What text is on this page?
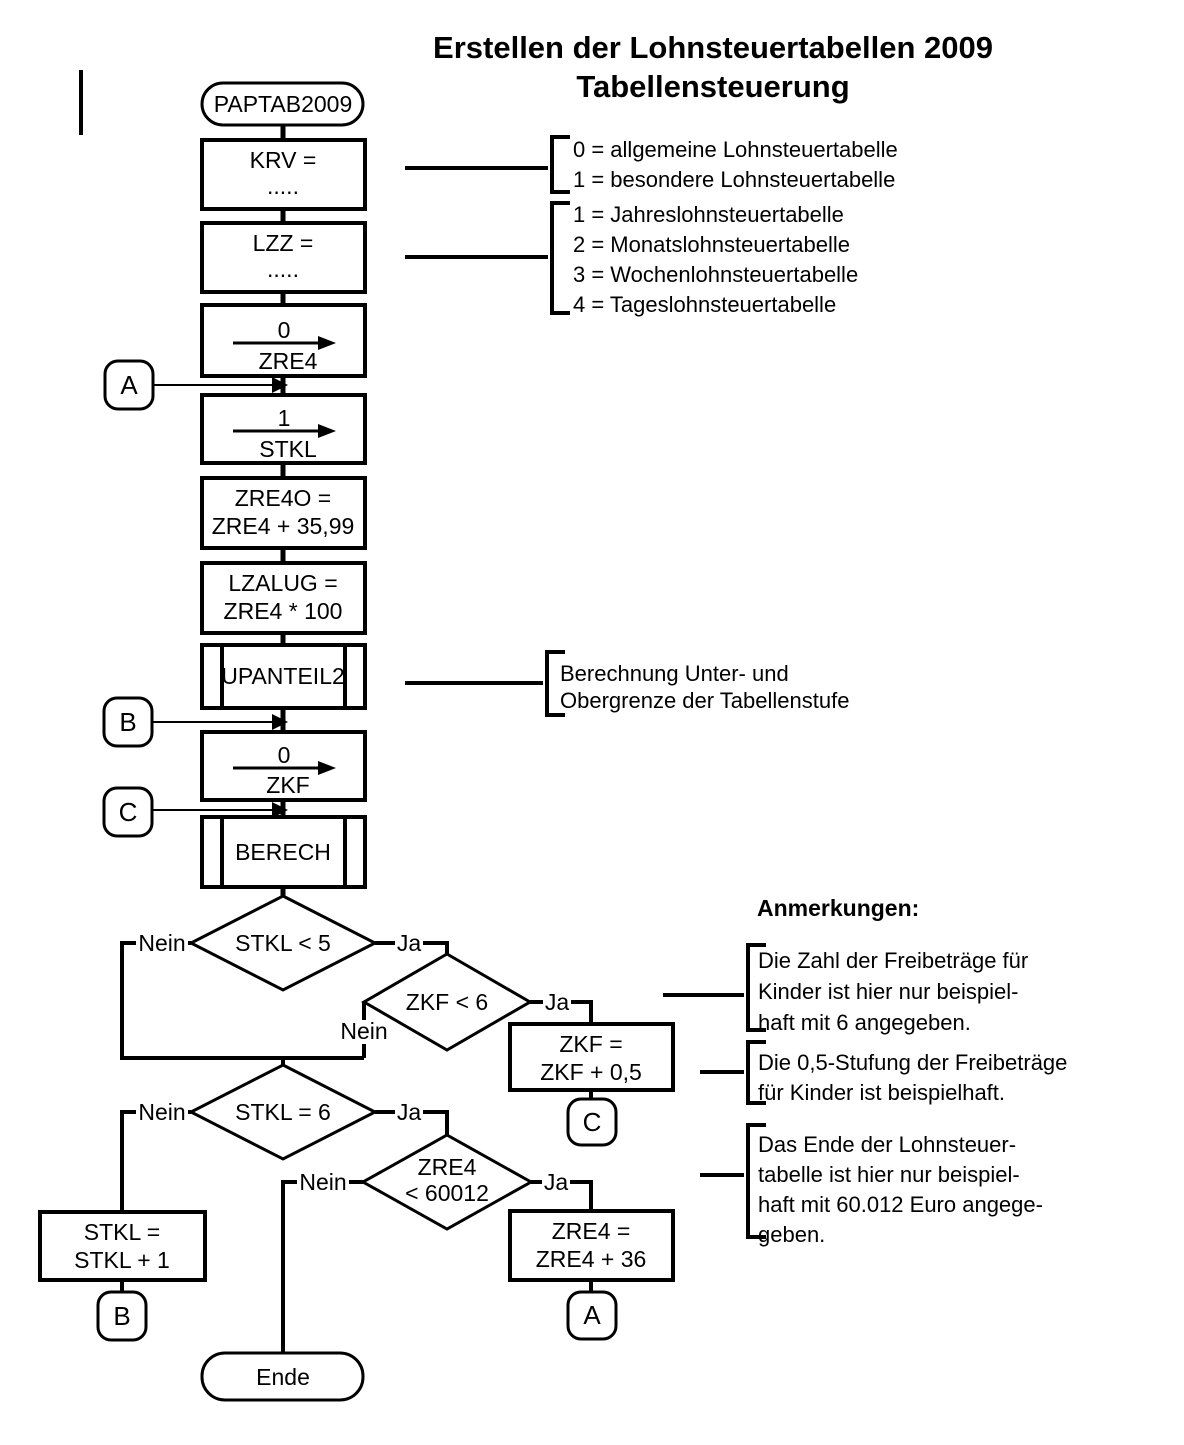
Nein	Ja
Ja
Nein
Nein	Ja
Nein	Ja
PAPTAB2009
KRV =
.....
LZZ =
.....
0
ZRE4
1
STKL
ZRE4O =
ZRE4 + 35,99
LZALUG =
ZRE4 * 100
UPANTEIL2
0
ZKF
BERECH
A
B
C
STKL < 5
ZKF < 6
ZKF =
ZKF + 0,5
C
STKL = 6
ZRE4
< 60012
STKL =
STKL + 1
B
ZRE4 =
ZRE4 + 36
A
Ende
0 = allgemeine Lohnsteuertabelle
1 = besondere Lohnsteuertabelle
1 = Jahreslohnsteuertabelle
2 = Monatslohnsteuertabelle
3 = Wochenlohnsteuertabelle
4 = Tageslohnsteuertabelle
Berechnung Unter- und
Obergrenze der Tabellenstufe
Anmerkungen:
Die Zahl der Freibeträge für
Kinder ist hier nur beispiel-
haft mit 6 angegeben.
Die 0,5-Stufung der Freibeträge
für Kinder ist beispielhaft.
Das Ende der Lohnsteuer-
tabelle ist hier nur beispiel-
haft mit 60.012 Euro angege-
geben.
Erstellen der Lohnsteuertabellen 2009
Tabellensteuerung
